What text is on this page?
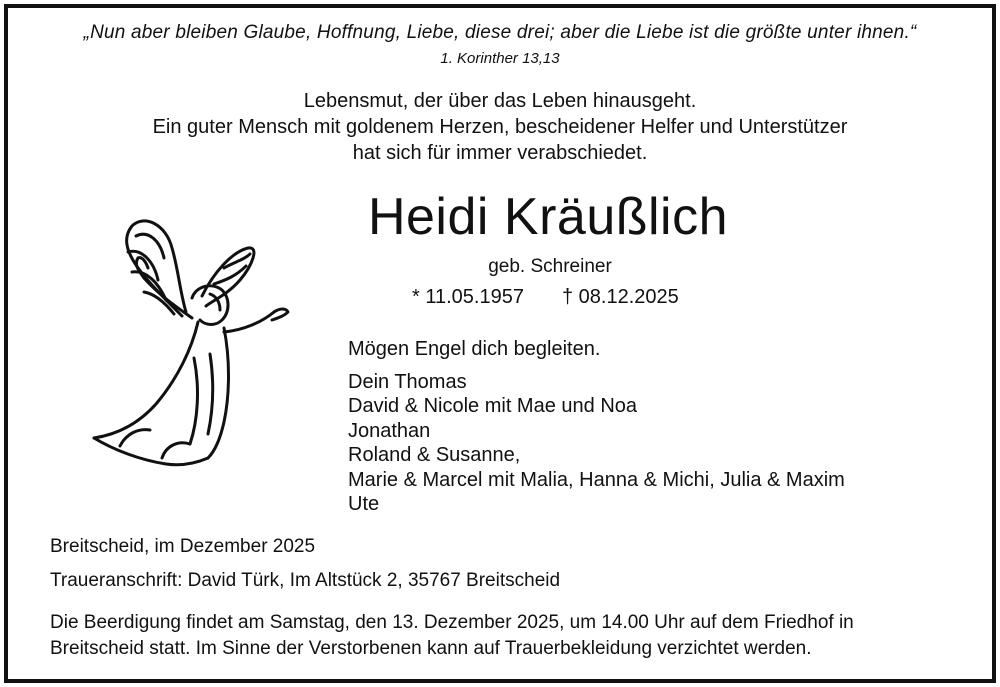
„Nun aber bleiben Glaube, Hoffnung, Liebe, diese drei; aber die Liebe ist die größte unter ihnen.“
1. Korinther 13,13
Lebensmut, der über das Leben hinausgeht.
Ein guter Mensch mit goldenem Herzen, bescheidener Helfer und Unterstützer
hat sich für immer verabschiedet.
Heidi Kräußlich
geb. Schreiner
* 11.05.1957 † 08.12.2025
Mögen Engel dich begleiten.
Dein Thomas
David & Nicole mit Mae und Noa
Jonathan
Roland & Susanne,
Marie & Marcel mit Malia, Hanna & Michi, Julia & Maxim
Ute
Breitscheid, im Dezember 2025
Traueranschrift: David Türk, Im Altstück 2, 35767 Breitscheid
Die Beerdigung findet am Samstag, den 13. Dezember 2025, um 14.00 Uhr auf dem Friedhof in
Breitscheid statt. Im Sinne der Verstorbenen kann auf Trauerbekleidung verzichtet werden.
